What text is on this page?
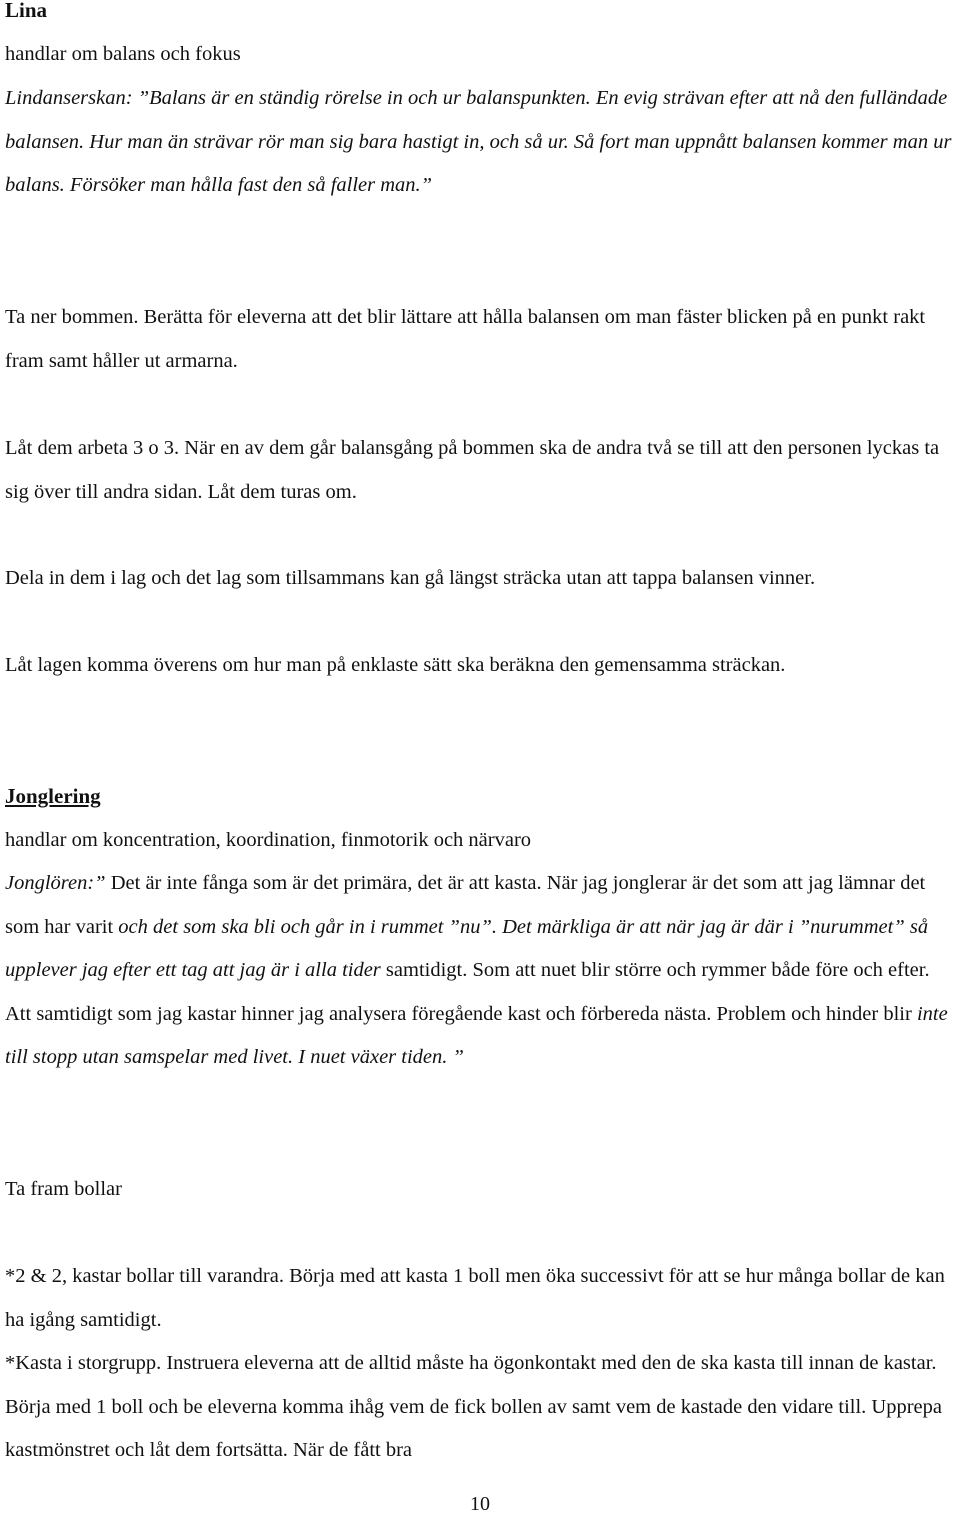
Lina
handlar om balans och fokus

Lindanserskan: ”Balans är en ständig rörelse in och ur balanspunkten. En evig strävan efter att nå den fulländade balansen. Hur man än strävar rör man sig bara hastigt in, och så ur. Så fort man uppnått balansen kommer man ur balans. Försöker man hålla fast den så faller man.”

Ta ner bommen. Berätta för eleverna att det blir lättare att hålla balansen om man fäster blicken på en punkt rakt fram samt håller ut armarna.

Låt dem arbeta 3 o 3. När en av dem går balansgång på bommen ska de andra två se till att den personen lyckas ta sig över till andra sidan. Låt dem turas om.

Dela in dem i lag och det lag som tillsammans kan gå längst sträcka utan att tappa balansen vinner.

Låt lagen komma överens om hur man på enklaste sätt ska beräkna den gemensamma sträckan.

Jonglering
handlar om koncentration, koordination, finmotorik och närvaro

Jonglören:” Det är inte fånga som är det primära, det är att kasta. När jag jonglerar är det som att jag lämnar det som har varit och det som ska bli och går in i rummet ”nu”. Det märkliga är att när jag är där i ”nurummet” så upplever jag efter ett tag att jag är i alla tider samtidigt. Som att nuet blir större och rymmer både före och efter. Att samtidigt som jag kastar hinner jag analysera föregående kast och förbereda nästa. Problem och hinder blir inte till stopp utan samspelar med livet. I nuet växer tiden. ”

Ta fram bollar

*2 & 2, kastar bollar till varandra. Börja med att kasta 1 boll men öka successivt för att se hur många bollar de kan ha igång samtidigt.

*Kasta i storgrupp. Instruera eleverna att de alltid måste ha ögonkontakt med den de ska kasta till innan de kastar. Börja med 1 boll och be eleverna komma ihåg vem de fick bollen av samt vem de kastade den vidare till. Upprepa kastmönstret och låt dem fortsätta. När de fått bra

10
